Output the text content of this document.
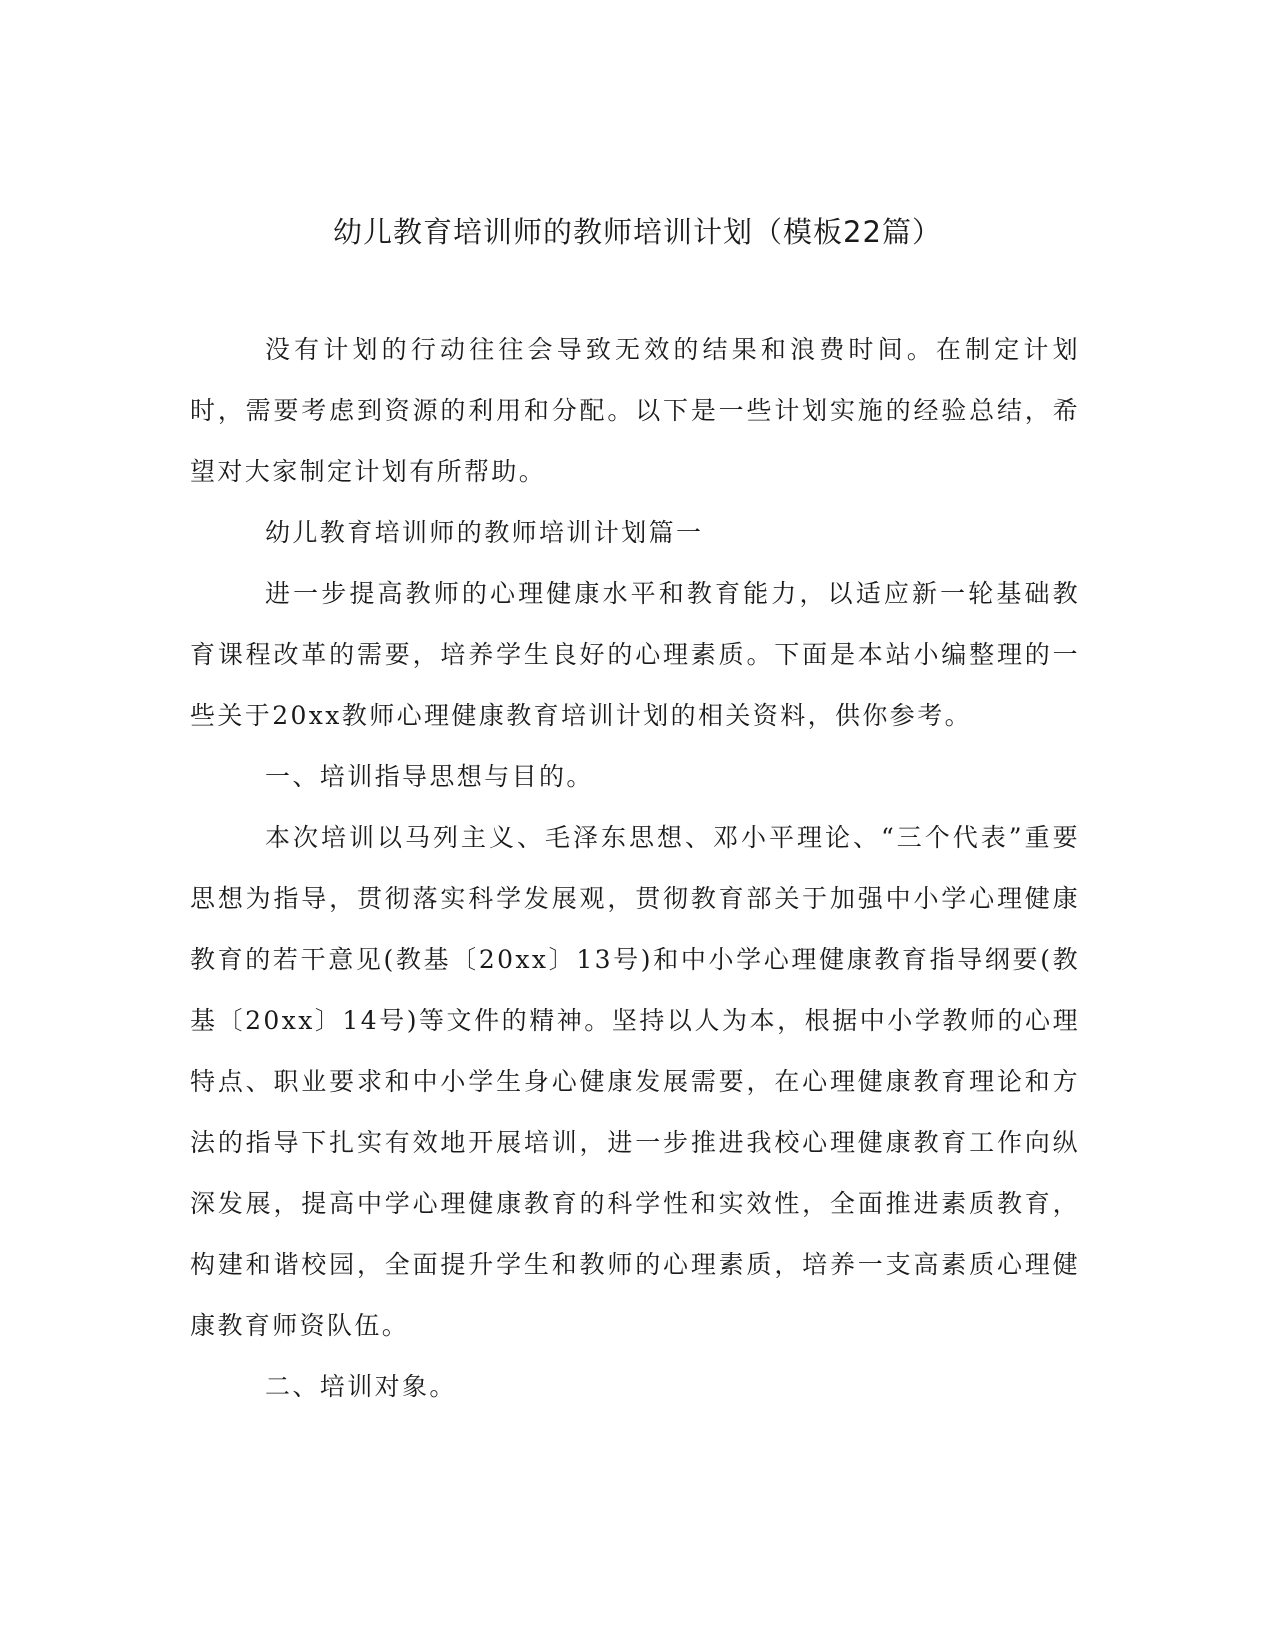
幼儿教育培训师的教师培训计划（模板22篇）

没有计划的行动往往会导致无效的结果和浪费时间。在制定计划时，需要考虑到资源的利用和分配。以下是一些计划实施的经验总结，希望对大家制定计划有所帮助。

幼儿教育培训师的教师培训计划篇一

进一步提高教师的心理健康水平和教育能力，以适应新一轮基础教育课程改革的需要，培养学生良好的心理素质。下面是本站小编整理的一些关于20xx教师心理健康教育培训计划的相关资料，供你参考。

一、培训指导思想与目的。

本次培训以马列主义、毛泽东思想、邓小平理论、“三个代表”重要思想为指导，贯彻落实科学发展观，贯彻教育部关于加强中小学心理健康教育的若干意见(教基〔20xx〕13号)和中小学心理健康教育指导纲要(教基〔20xx〕14号)等文件的精神。坚持以人为本，根据中小学教师的心理特点、职业要求和中小学生身心健康发展需要，在心理健康教育理论和方法的指导下扎实有效地开展培训，进一步推进我校心理健康教育工作向纵深发展，提高中学心理健康教育的科学性和实效性，全面推进素质教育，构建和谐校园，全面提升学生和教师的心理素质，培养一支高素质心理健康教育师资队伍。

二、培训对象。
